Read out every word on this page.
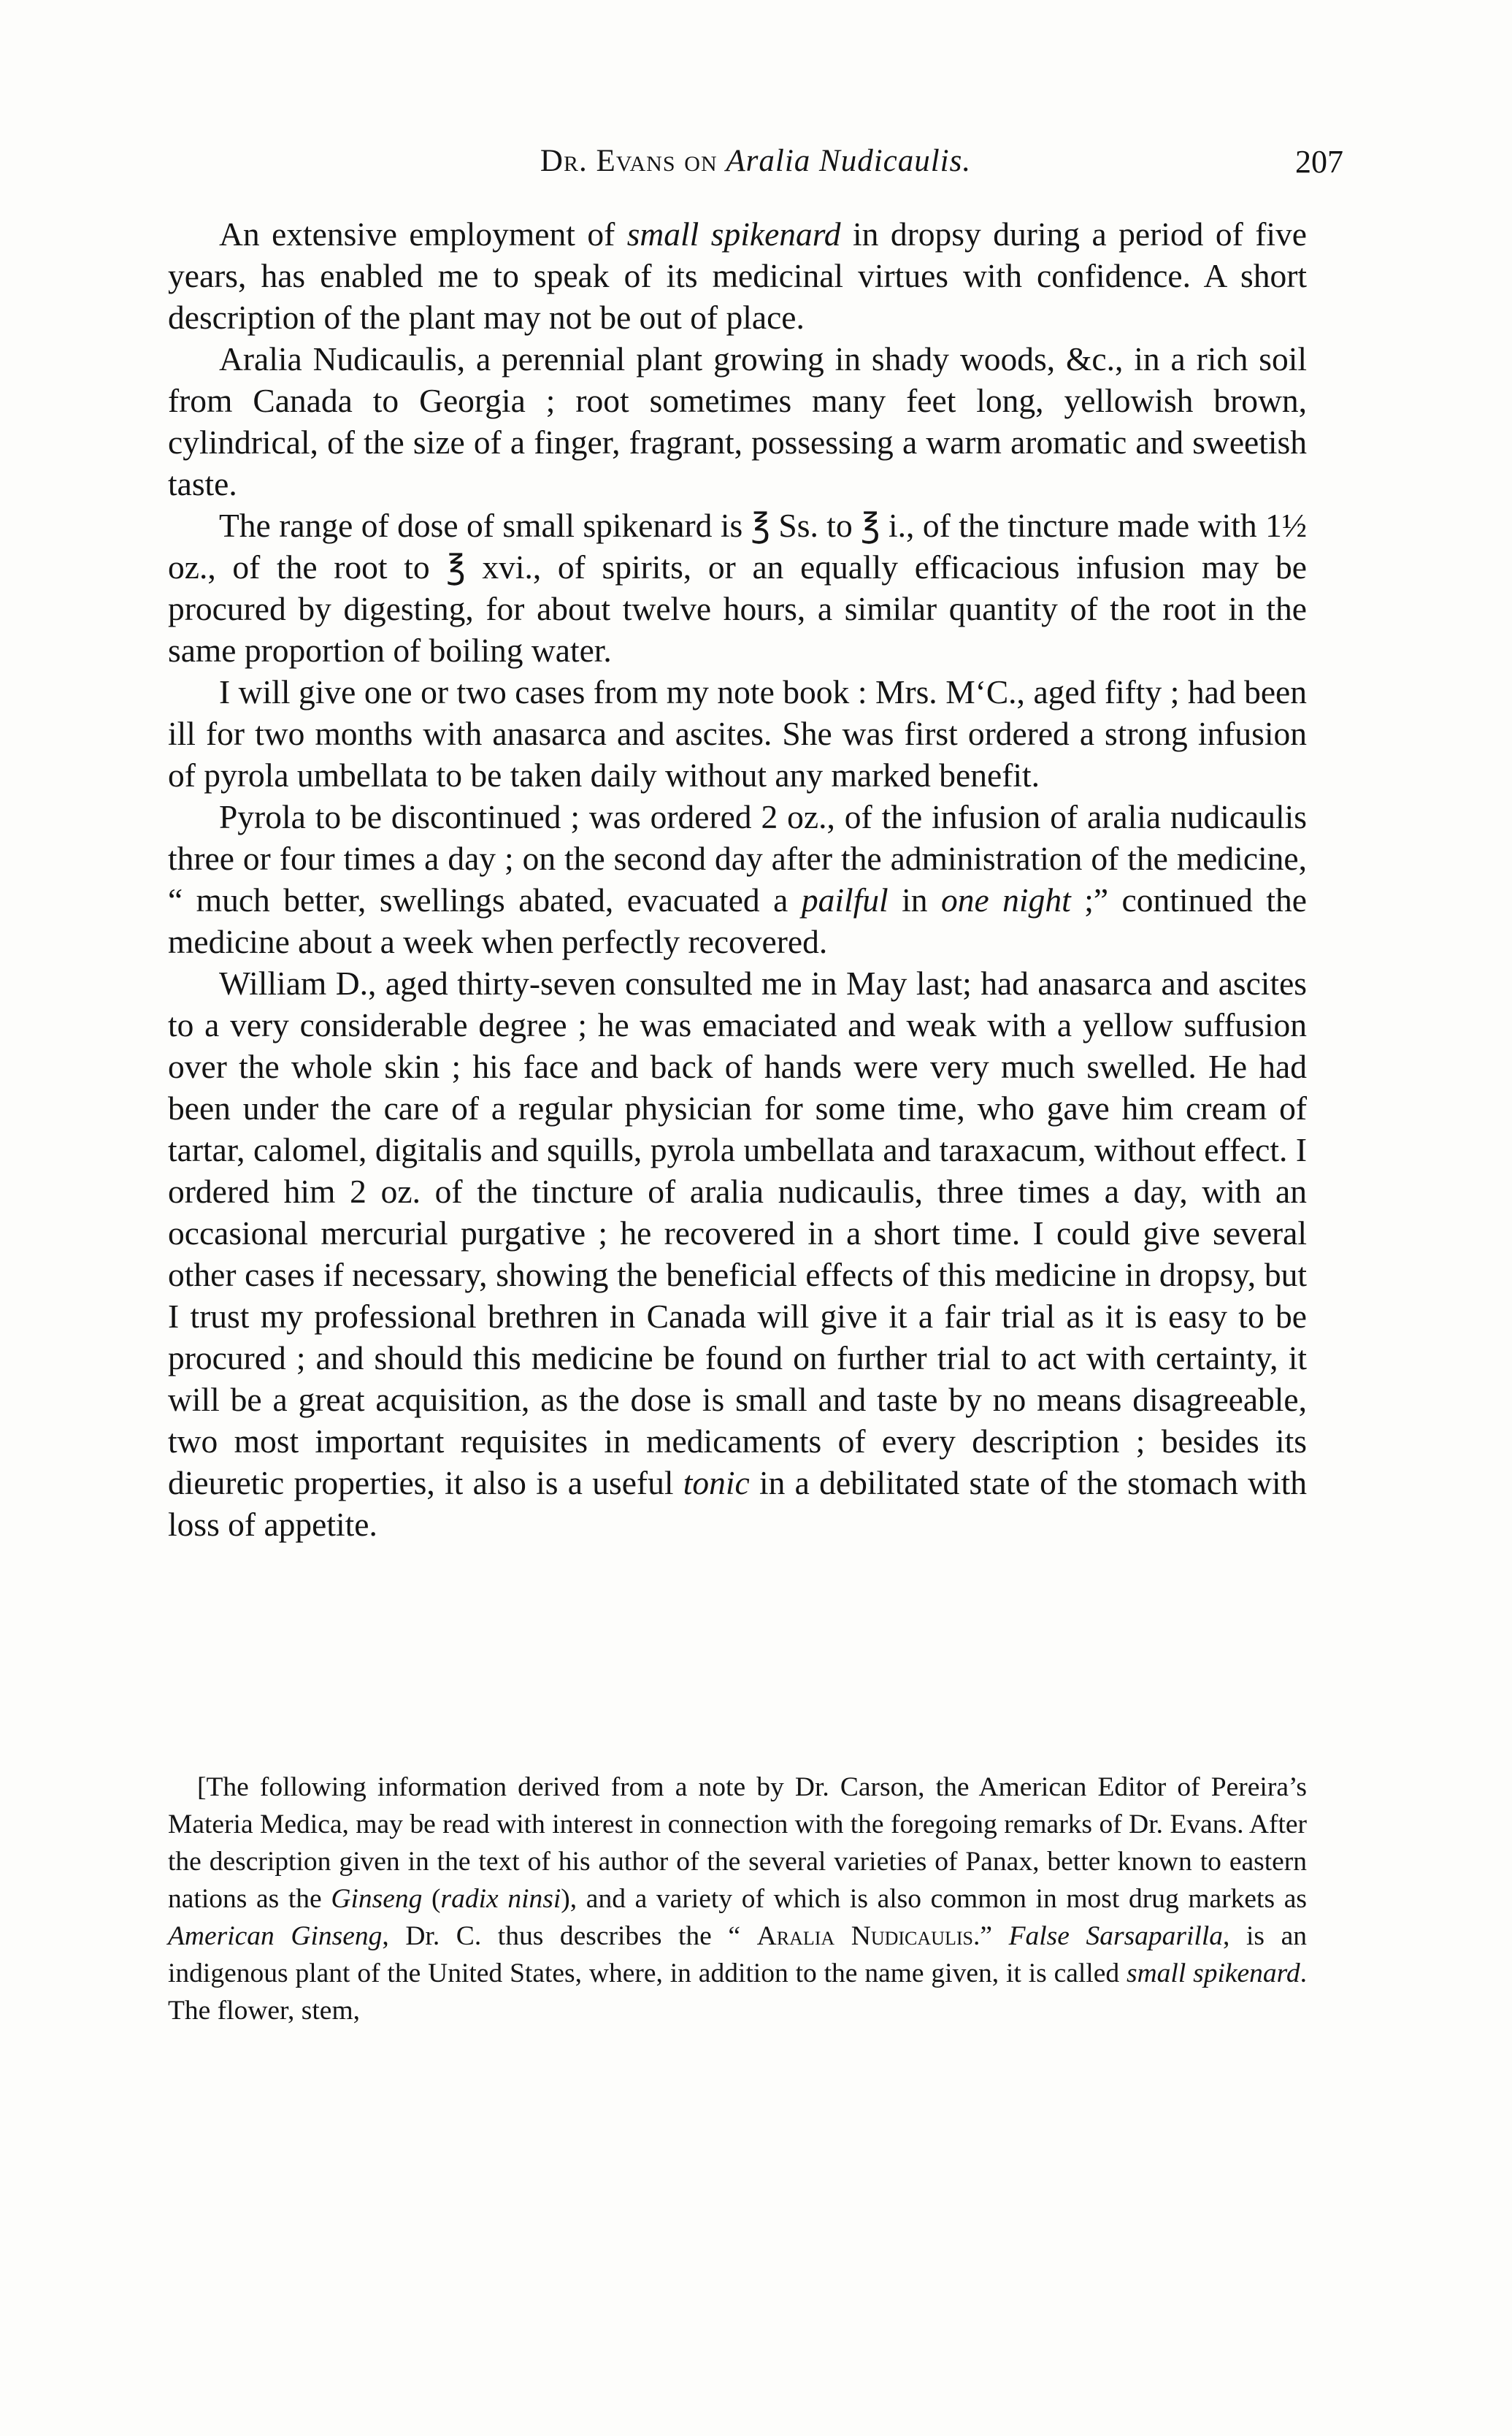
Dr. Evans on Aralia Nudicaulis.	207

An extensive employment of small spikenard in dropsy during a period of five years, has enabled me to speak of its medicinal virtues with confidence. A short description of the plant may not be out of place.

Aralia Nudicaulis, a perennial plant growing in shady woods, &c., in a rich soil from Canada to Georgia ; root sometimes many feet long, yellowish brown, cylindrical, of the size of a finger, fragrant, possessing a warm aromatic and sweetish taste.

The range of dose of small spikenard is ℥ Ss. to ℥ i., of the tincture made with 1½ oz., of the root to ℥ xvi., of spirits, or an equally efficacious infusion may be procured by digesting, for about twelve hours, a similar quantity of the root in the same proportion of boiling water.

I will give one or two cases from my note book : Mrs. M‘C., aged fifty ; had been ill for two months with anasarca and ascites. She was first ordered a strong infusion of pyrola umbellata to be taken daily without any marked benefit.

Pyrola to be discontinued ; was ordered 2 oz., of the infusion of aralia nudicaulis three or four times a day ; on the second day after the administration of the medicine, “ much better, swellings abated, evacuated a pailful in one night ;” continued the medicine about a week when perfectly recovered.

William D., aged thirty-seven consulted me in May last; had anasarca and ascites to a very considerable degree ; he was emaciated and weak with a yellow suffusion over the whole skin ; his face and back of hands were very much swelled. He had been under the care of a regular physician for some time, who gave him cream of tartar, calomel, digitalis and squills, pyrola umbellata and taraxacum, without effect. I ordered him 2 oz. of the tincture of aralia nudicaulis, three times a day, with an occasional mercurial purgative ; he recovered in a short time. I could give several other cases if necessary, showing the beneficial effects of this medicine in dropsy, but I trust my professional brethren in Canada will give it a fair trial as it is easy to be procured ; and should this medicine be found on further trial to act with certainty, it will be a great acquisition, as the dose is small and taste by no means disagreeable, two most important requisites in medicaments of every description ; besides its dieuretic properties, it also is a useful tonic in a debilitated state of the stomach with loss of appetite.

[The following information derived from a note by Dr. Carson, the American Editor of Pereira’s Materia Medica, may be read with interest in connection with the foregoing remarks of Dr. Evans. After the description given in the text of his author of the several varieties of Panax, better known to eastern nations as the Ginseng (radix ninsi), and a variety of which is also common in most drug markets as American Ginseng, Dr. C. thus describes the “ Aralia Nudicaulis.” False Sarsaparilla, is an indigenous plant of the United States, where, in addition to the name given, it is called small spikenard. The flower, stem,
